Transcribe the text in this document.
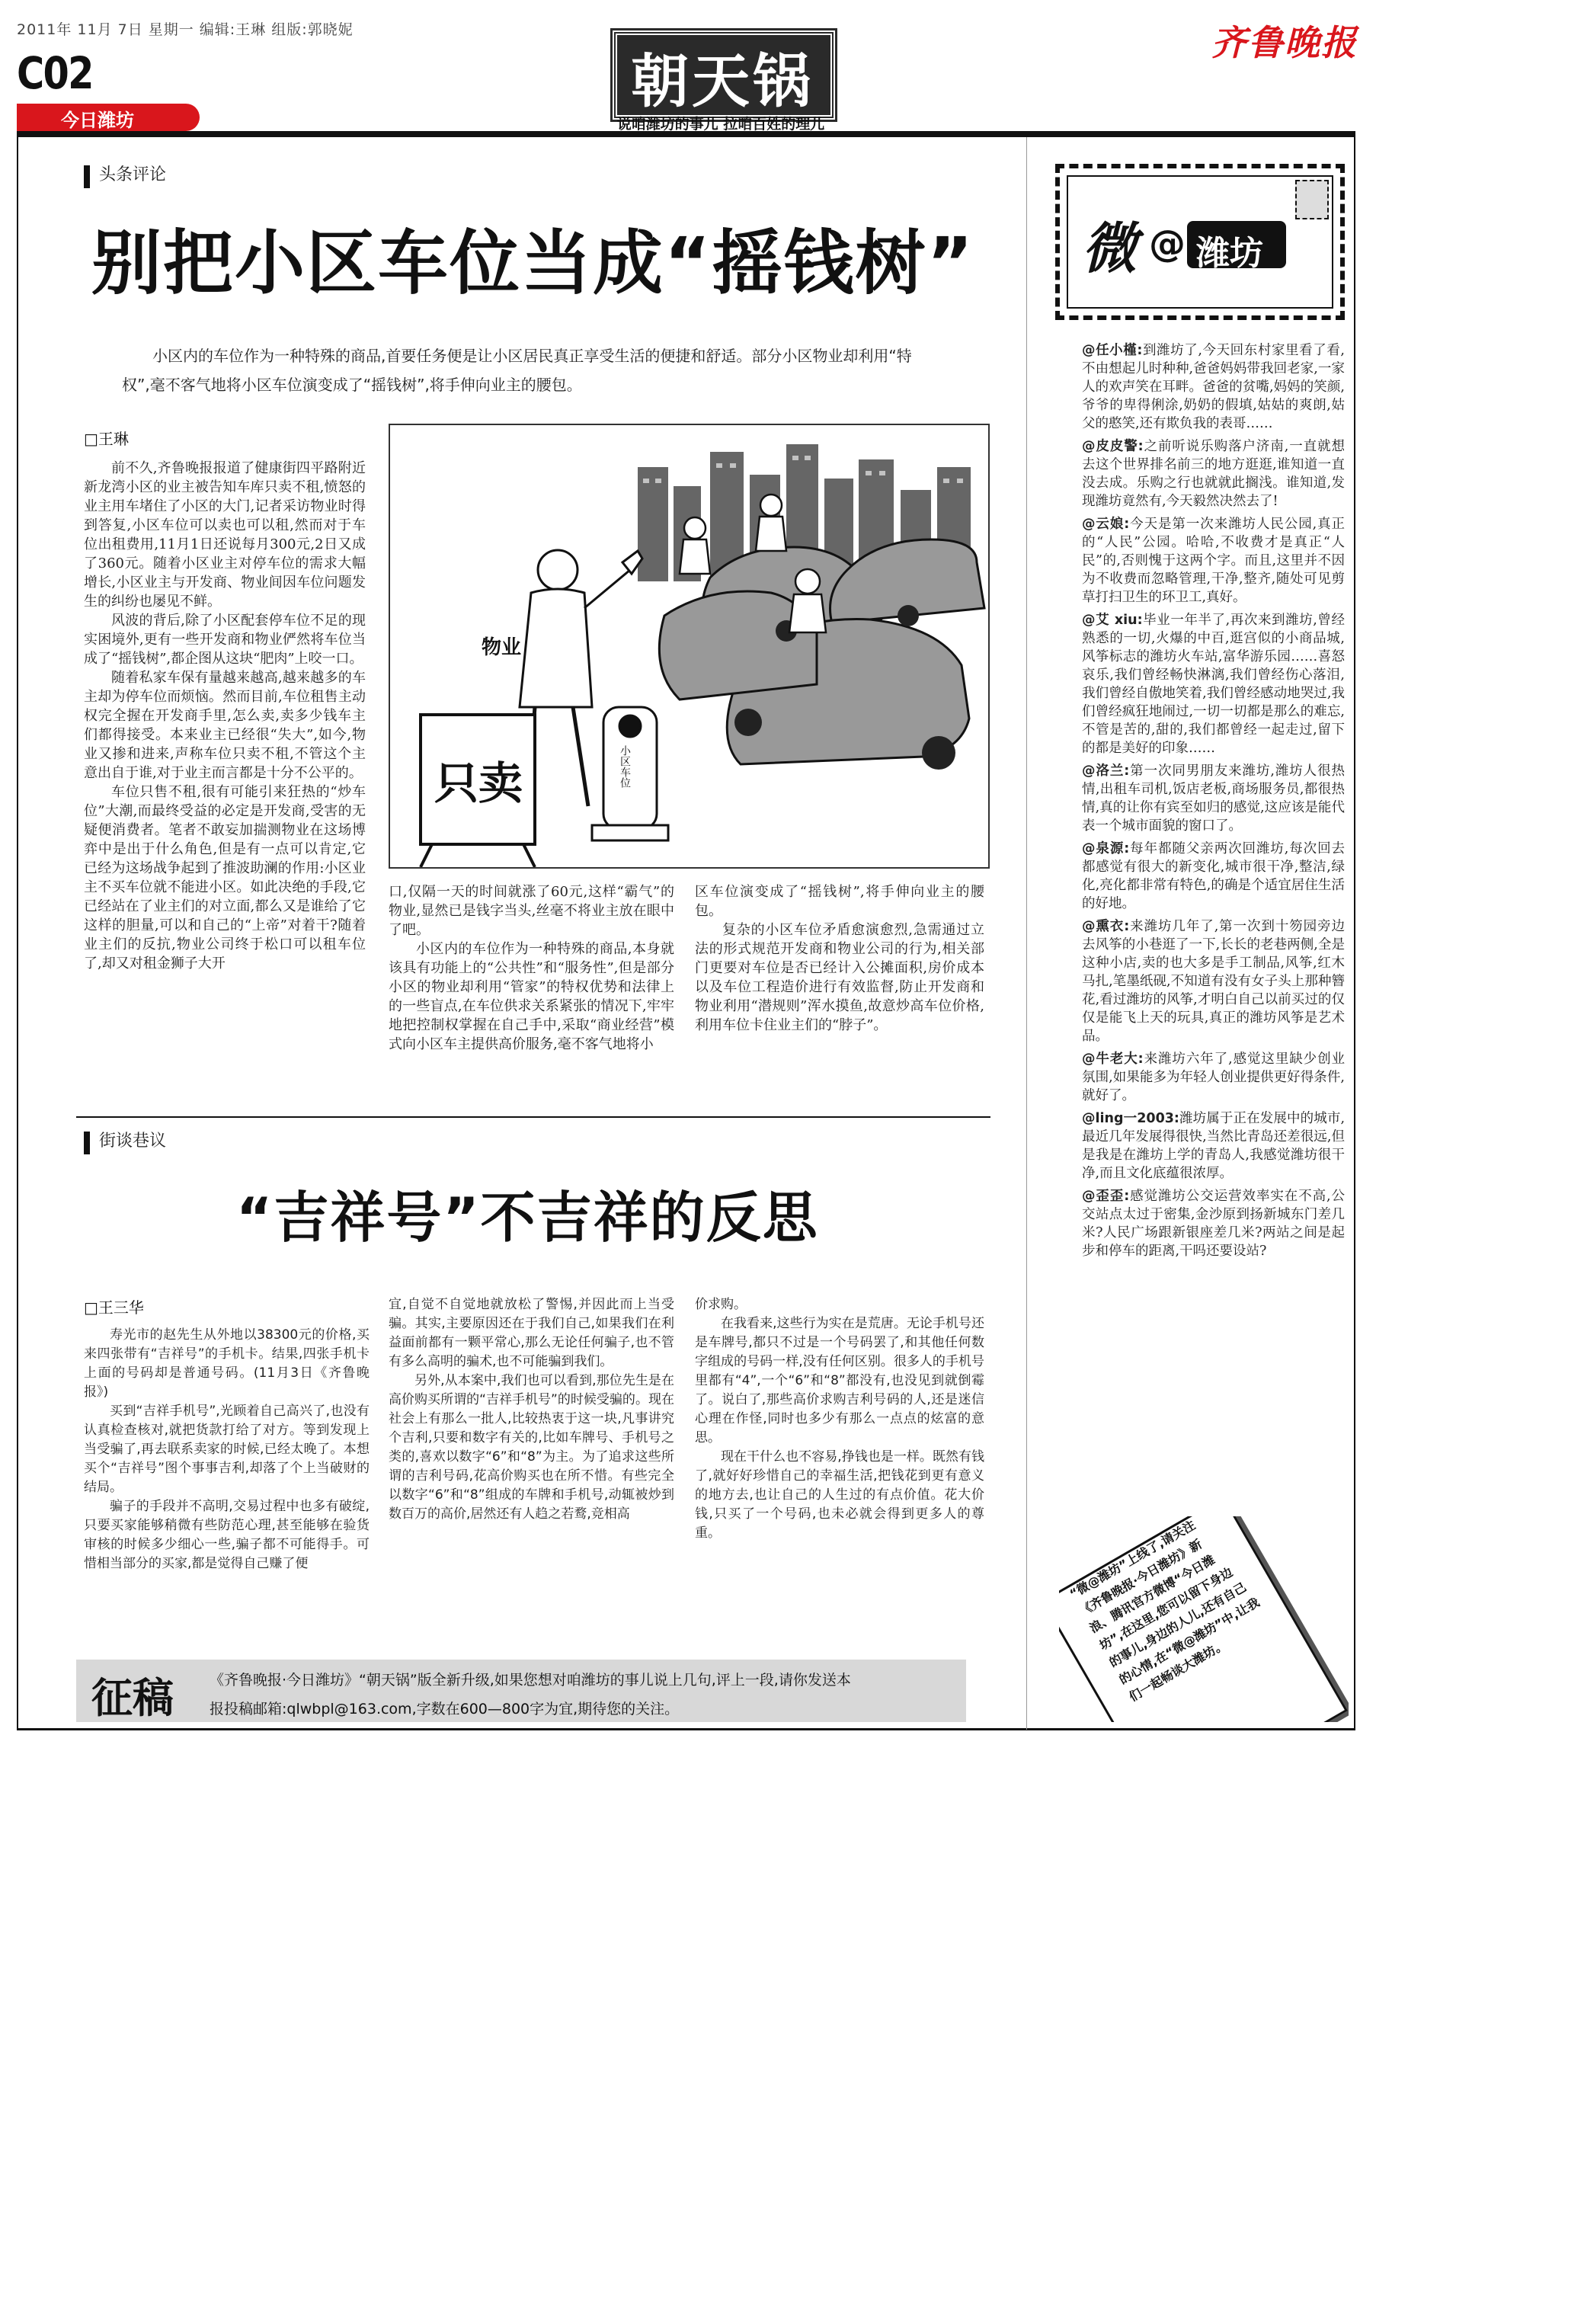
2011年 11月 7日 星期一 编辑:王琳 组版:郭晓妮
C02
今日潍坊
朝天锅
说咱潍坊的事儿 拉咱百姓的理儿
齐鲁晚报
头条评论
别把小区车位当成“摇钱树”
小区内的车位作为一种特殊的商品,首要任务便是让小区居民真正享受生活的便捷和舒适。部分小区物业却利用“特权”,毫不客气地将小区车位演变成了“摇钱树”,将手伸向业主的腰包。
□王琳

前不久,齐鲁晚报报道了健康街四平路附近新龙湾小区的业主被告知车库只卖不租,愤怒的业主用车堵住了小区的大门,记者采访物业时得到答复,小区车位可以卖也可以租,然而对于车位出租费用,11月1日还说每月300元,2日又成了360元。随着小区业主对停车位的需求大幅增长,小区业主与开发商、物业间因车位问题发生的纠纷也屡见不鲜。

风波的背后,除了小区配套停车位不足的现实困境外,更有一些开发商和物业俨然将车位当成了“摇钱树”,都企图从这块“肥肉”上咬一口。

随着私家车保有量越来越高,越来越多的车主却为停车位而烦恼。然而目前,车位租售主动权完全握在开发商手里,怎么卖,卖多少钱车主们都得接受。本来业主已经很“失大”,如今,物业又掺和进来,声称车位只卖不租,不管这个主意出自于谁,对于业主而言都是十分不公平的。

车位只售不租,很有可能引来狂热的“炒车位”大潮,而最终受益的必定是开发商,受害的无疑便消费者。笔者不敢妄加揣测物业在这场博弈中是出于什么角色,但是有一点可以肯定,它已经为这场战争起到了推波助澜的作用:小区业主不买车位就不能进小区。如此决绝的手段,它已经站在了业主们的对立面,都么又是谁给了它这样的胆量,可以和自己的“上帝”对着干?随着业主们的反抗,物业公司终于松口可以租车位了,却又对租金狮子大开

物业
只卖	小区车位

口,仅隔一天的时间就涨了60元,这样“霸气”的物业,显然已是钱字当头,丝毫不将业主放在眼中了吧。

小区内的车位作为一种特殊的商品,本身就该具有功能上的“公共性”和“服务性”,但是部分小区的物业却利用“管家”的特权优势和法律上的一些盲点,在车位供求关系紧张的情况下,牢牢地把控制权掌握在自己手中,采取“商业经营”模式向小区车主提供高价服务,毫不客气地将小

区车位演变成了“摇钱树”,将手伸向业主的腰包。

复杂的小区车位矛盾愈演愈烈,急需通过立法的形式规范开发商和物业公司的行为,相关部门更要对车位是否已经计入公摊面积,房价成本以及车位工程造价进行有效监督,防止开发商和物业利用“潜规则”浑水摸鱼,故意炒高车位价格,利用车位卡住业主们的“脖子”。

街谈巷议
“吉祥号”不吉祥的反思
□王三华

寿光市的赵先生从外地以38300元的价格,买来四张带有“吉祥号”的手机卡。结果,四张手机卡上面的号码却是普通号码。(11月3日《齐鲁晚报》)

买到“吉祥手机号”,光顾着自己高兴了,也没有认真检查核对,就把货款打给了对方。等到发现上当受骗了,再去联系卖家的时候,已经太晚了。本想买个“吉祥号”图个事事吉利,却落了个上当破财的结局。

骗子的手段并不高明,交易过程中也多有破绽,只要买家能够稍微有些防范心理,甚至能够在验货审核的时候多少细心一些,骗子都不可能得手。可惜相当部分的买家,都是觉得自己赚了便

宜,自觉不自觉地就放松了警惕,并因此而上当受骗。其实,主要原因还在于我们自己,如果我们在利益面前都有一颗平常心,那么无论任何骗子,也不管有多么高明的骗术,也不可能骗到我们。

另外,从本案中,我们也可以看到,那位先生是在高价购买所谓的“吉祥手机号”的时候受骗的。现在社会上有那么一批人,比较热衷于这一块,凡事讲究个吉利,只要和数字有关的,比如车牌号、手机号之类的,喜欢以数字“6”和“8”为主。为了追求这些所谓的吉利号码,花高价购买也在所不惜。有些完全以数字“6”和“8”组成的车牌和手机号,动辄被炒到数百万的高价,居然还有人趋之若鹜,竞相高

价求购。

在我看来,这些行为实在是荒唐。无论手机号还是车牌号,都只不过是一个号码罢了,和其他任何数字组成的号码一样,没有任何区别。很多人的手机号里都有“4”,一个“6”和“8”都没有,也没见到就倒霉了。说白了,那些高价求购吉利号码的人,还是迷信心理在作怪,同时也多少有那么一点点的炫富的意思。

现在干什么也不容易,挣钱也是一样。既然有钱了,就好好珍惜自己的幸福生活,把钱花到更有意义的地方去,也让自己的人生过的有点价值。花大价钱,只买了一个号码,也未必就会得到更多人的尊重。

微 @ 潍坊

@任小槿:到潍坊了,今天回东村家里看了看,不由想起儿时种种,爸爸妈妈带我回老家,一家人的欢声笑在耳畔。爸爸的贫嘴,妈妈的笑颜,爷爷的卑得俐涂,奶奶的假填,姑姑的爽朗,姑父的憨笑,还有欺负我的表哥……

@皮皮警:之前听说乐购落户济南,一直就想去这个世界排名前三的地方逛逛,谁知道一直没去成。乐购之行也就就此搁浅。谁知道,发现潍坊竟然有,今天毅然决然去了!

@云娘:今天是第一次来潍坊人民公园,真正的“人民”公园。哈哈,不收费才是真正“人民”的,否则愧于这两个字。而且,这里并不因为不收费而忽略管理,干净,整齐,随处可见剪草打扫卫生的环卫工,真好。

@艾 xiu:毕业一年半了,再次来到潍坊,曾经熟悉的一切,火爆的中百,逛宫似的小商品城,风筝标志的潍坊火车站,富华游乐园……喜怒哀乐,我们曾经畅快淋漓,我们曾经伤心落泪,我们曾经自傲地笑着,我们曾经感动地哭过,我们曾经疯狂地闹过,一切一切都是那么的难忘,不管是苦的,甜的,我们都曾经一起走过,留下的都是美好的印象……

@洛兰:第一次同男朋友来潍坊,潍坊人很热情,出租车司机,饭店老板,商场服务员,都很热情,真的让你有宾至如归的感觉,这应该是能代表一个城市面貌的窗口了。

@泉源:每年都随父亲两次回潍坊,每次回去都感觉有很大的新变化,城市很干净,整洁,绿化,亮化都非常有特色,的确是个适宜居住生活的好地。

@熏衣:来潍坊几年了,第一次到十笏园旁边去风筝的小巷逛了一下,长长的老巷两侧,全是这种小店,卖的也大多是手工制品,风筝,红木马扎,笔墨纸砚,不知道有没有女子头上那种簪花,看过潍坊的风筝,才明白自己以前买过的仅仅是能飞上天的玩具,真正的潍坊风筝是艺术品。

@牛老大:来潍坊六年了,感觉这里缺少创业氛围,如果能多为年轻人创业提供更好得条件,就好了。

@ling一2003:潍坊属于正在发展中的城市,最近几年发展得很快,当然比青岛还差很远,但是我是在潍坊上学的青岛人,我感觉潍坊很干净,而且文化底蕴很浓厚。

@歪歪:感觉潍坊公交运营效率实在不高,公交站点太过于密集,金沙原到扬新城东门差几米?人民广场跟新银座差几米?两站之间是起步和停车的距离,干吗还要设站?

“微@潍坊”上线了,请关注《齐鲁晚报·今日潍坊》新浪、腾讯官方微博“今日潍坊”,在这里,您可以留下身边的事儿,身边的人儿,还有自己的心情,在“微@潍坊”中,让我们一起畅谈大潍坊。
征稿 《齐鲁晚报·今日潍坊》“朝天锅”版全新升级,如果您想对咱潍坊的事儿说上几句,评上一段,请你发送本
报投稿邮箱:qlwbpl@163.com,字数在600—800字为宜,期待您的关注。
